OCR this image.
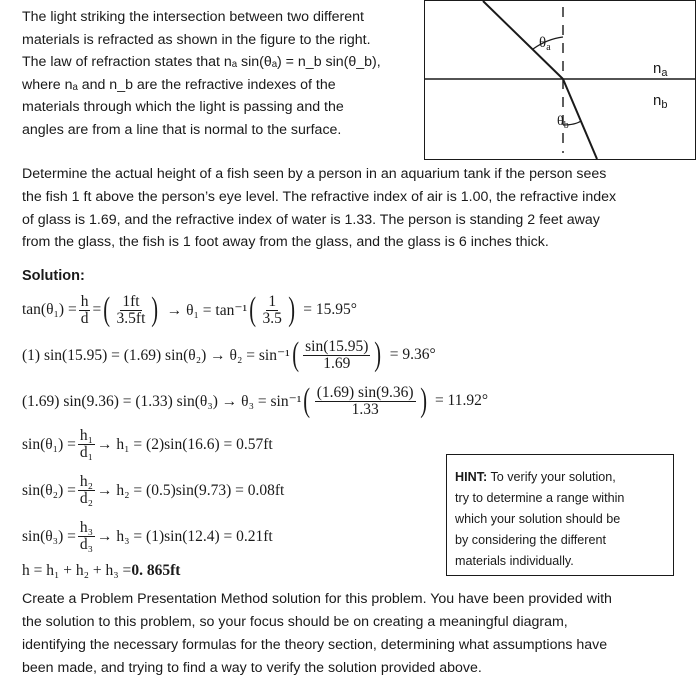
The light striking the intersection between two different

materials is refracted as shown in the figure to the right.

The law of refraction states that nₐ sin(θₐ) = n_b sin(θ_b),

where nₐ and n_b are the refractive indexes of the

materials through which the light is passing and the

angles are from a line that is normal to the surface.

$\theta_a$
$\theta_b$
$n_a$
$n_b$

Determine the actual height of a fish seen by a person in an aquarium tank if the person sees

the fish 1 ft above the person’s eye level. The refractive index of air is 1.00, the refractive index

of glass is 1.69, and the refractive index of water is 1.33. The person is standing 2 feet away

from the glass, the fish is 1 foot away from the glass, and the glass is 6 inches thick.

Solution:
$\tan(\theta_1) = \frac{h}{d}$ = ( $\frac{1ft}{3.5ft}$ ) → θ₁ = tan⁻¹ ( $\frac{1}{3.5}$ ) = 15.95°
(1) sin(15.95) = (1.69) sin(θ₂) → θ₂ = sin⁻¹ ( $\frac{\sin(15.95)}{1.69}$ ) = 9.36°
(1.69) sin(9.36) = (1.33) sin(θ₃) → θ₃ = sin⁻¹ ( $\frac{(1.69) \sin(9.36)}{1.33}$ ) = 11.92°
$\sin(\theta_1) = \frac{\text{h₁}}{\text{d₁}} \to h_1 = (2)\sin(16.6) = 0.57ft$
$\sin(\theta_2) = \frac{\text{h₂}}{\text{d₂}} \to h_2 = (0.5)\sin(9.73) = 0.08ft$
$\sin(\theta_3) = \frac{\text{h₃}}{\text{d₃}} \to h_3 = (1)\sin(12.4) = 0.21ft$
h = h₁ + h₂ + h₃ = 0. 865ft

HINT: To verify your solution,

try to determine a range within

which your solution should be

by considering the different

materials individually.

Create a Problem Presentation Method solution for this problem. You have been provided with

the solution to this problem, so your focus should be on creating a meaningful diagram,

identifying the necessary formulas for the theory section, determining what assumptions have

been made, and trying to find a way to verify the solution provided above.
